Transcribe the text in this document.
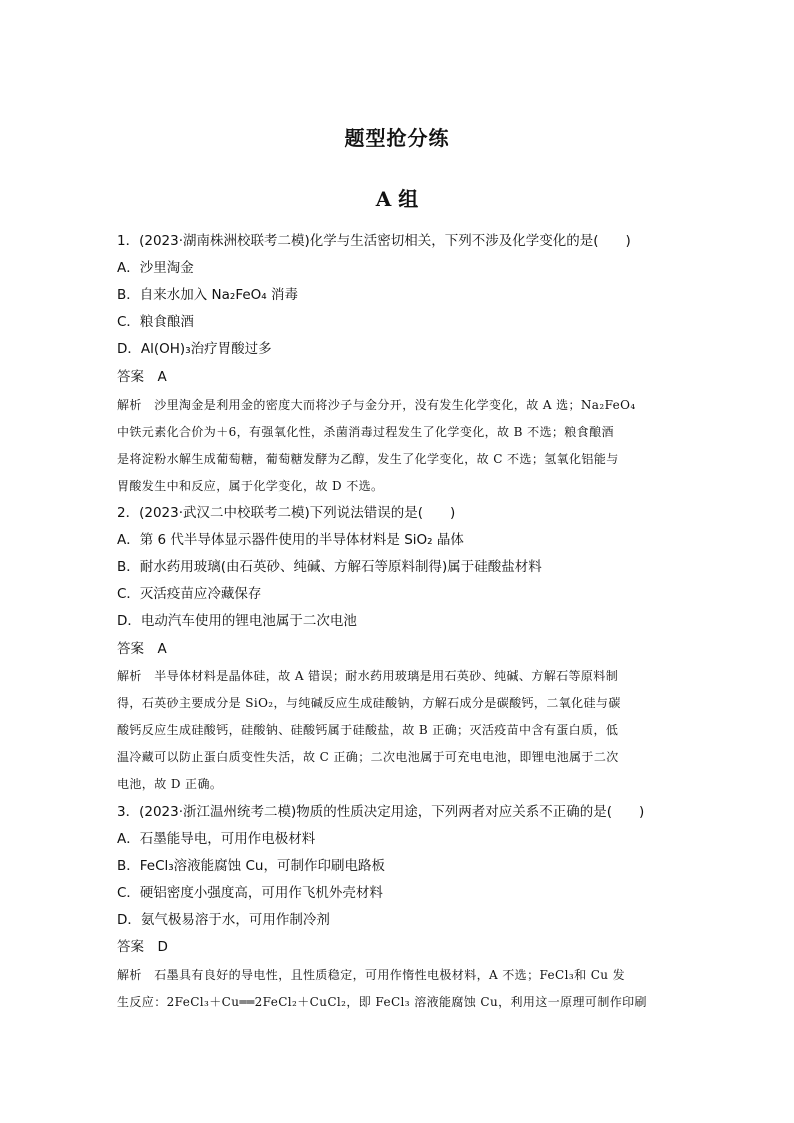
题型抢分练
A 组
1．(2023·湖南株洲校联考二模)化学与生活密切相关，下列不涉及化学变化的是(　　)
A．沙里淘金
B．自来水加入 Na₂FeO₄ 消毒
C．粮食酿酒
D．Al(OH)₃治疗胃酸过多
答案　A
解析　沙里淘金是利用金的密度大而将沙子与金分开，没有发生化学变化，故 A 选；Na₂FeO₄
中铁元素化合价为＋6，有强氧化性，杀菌消毒过程发生了化学变化，故 B 不选；粮食酿酒
是将淀粉水解生成葡萄糖，葡萄糖发酵为乙醇，发生了化学变化，故 C 不选；氢氧化铝能与
胃酸发生中和反应，属于化学变化，故 D 不选。
2．(2023·武汉二中校联考二模)下列说法错误的是(　　)
A．第 6 代半导体显示器件使用的半导体材料是 SiO₂ 晶体
B．耐水药用玻璃(由石英砂、纯碱、方解石等原料制得)属于硅酸盐材料
C．灭活疫苗应冷藏保存
D．电动汽车使用的锂电池属于二次电池
答案　A
解析　半导体材料是晶体硅，故 A 错误；耐水药用玻璃是用石英砂、纯碱、方解石等原料制
得，石英砂主要成分是 SiO₂，与纯碱反应生成硅酸钠，方解石成分是碳酸钙，二氧化硅与碳
酸钙反应生成硅酸钙，硅酸钠、硅酸钙属于硅酸盐，故 B 正确；灭活疫苗中含有蛋白质，低
温冷藏可以防止蛋白质变性失活，故 C 正确；二次电池属于可充电电池，即锂电池属于二次
电池，故 D 正确。
3．(2023·浙江温州统考二模)物质的性质决定用途，下列两者对应关系不正确的是(　　)
A．石墨能导电，可用作电极材料
B．FeCl₃溶液能腐蚀 Cu，可制作印刷电路板
C．硬铝密度小强度高，可用作飞机外壳材料
D．氨气极易溶于水，可用作制冷剂
答案　D
解析　石墨具有良好的导电性，且性质稳定，可用作惰性电极材料，A 不选；FeCl₃和 Cu 发
生反应：2FeCl₃＋Cu══2FeCl₂＋CuCl₂，即 FeCl₃ 溶液能腐蚀 Cu，利用这一原理可制作印刷
